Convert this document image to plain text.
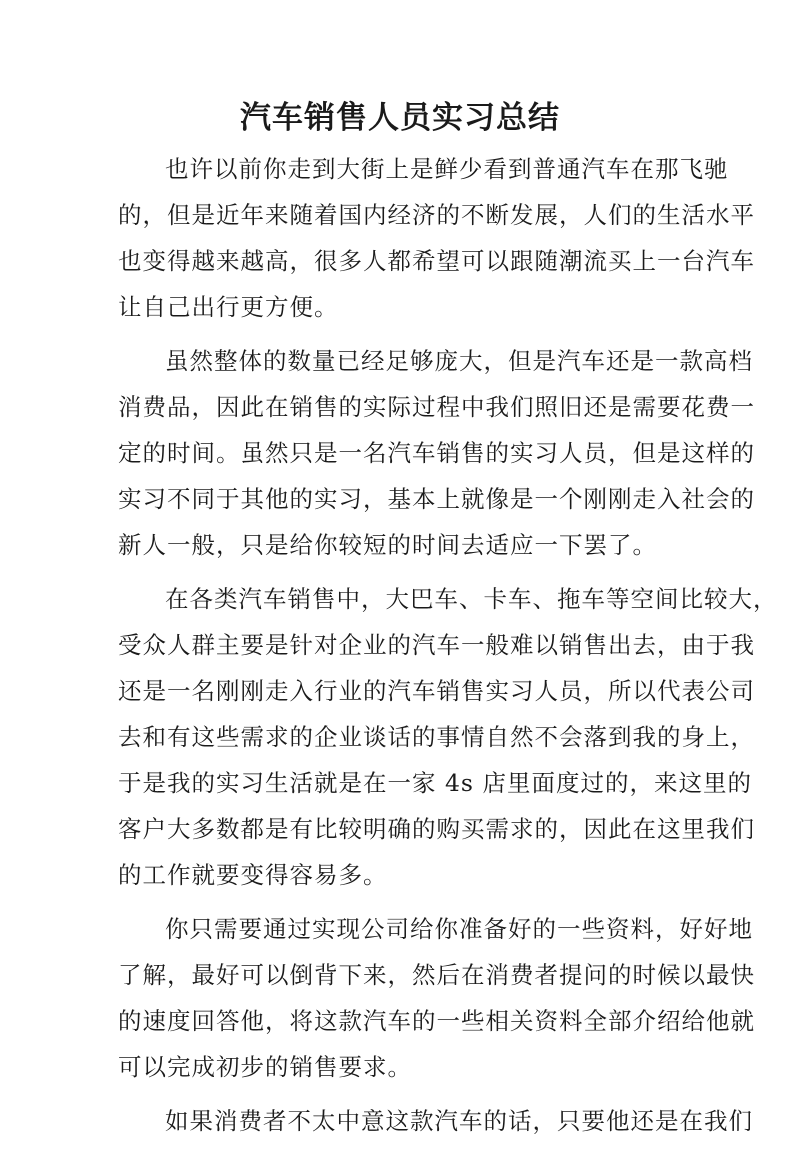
汽车销售人员实习总结

也许以前你走到大街上是鲜少看到普通汽车在那飞驰
的，但是近年来随着国内经济的不断发展，人们的生活水平
也变得越来越高，很多人都希望可以跟随潮流买上一台汽车
让自己出行更方便。

虽然整体的数量已经足够庞大，但是汽车还是一款高档
消费品，因此在销售的实际过程中我们照旧还是需要花费一
定的时间。虽然只是一名汽车销售的实习人员，但是这样的
实习不同于其他的实习，基本上就像是一个刚刚走入社会的
新人一般，只是给你较短的时间去适应一下罢了。

在各类汽车销售中，大巴车、卡车、拖车等空间比较大，
受众人群主要是针对企业的汽车一般难以销售出去，由于我
还是一名刚刚走入行业的汽车销售实习人员，所以代表公司
去和有这些需求的企业谈话的事情自然不会落到我的身上，
于是我的实习生活就是在一家 4s 店里面度过的，来这里的
客户大多数都是有比较明确的购买需求的，因此在这里我们
的工作就要变得容易多。

你只需要通过实现公司给你准备好的一些资料，好好地
了解，最好可以倒背下来，然后在消费者提问的时候以最快
的速度回答他，将这款汽车的一些相关资料全部介绍给他就
可以完成初步的销售要求。

如果消费者不太中意这款汽车的话，只要他还是在我们
